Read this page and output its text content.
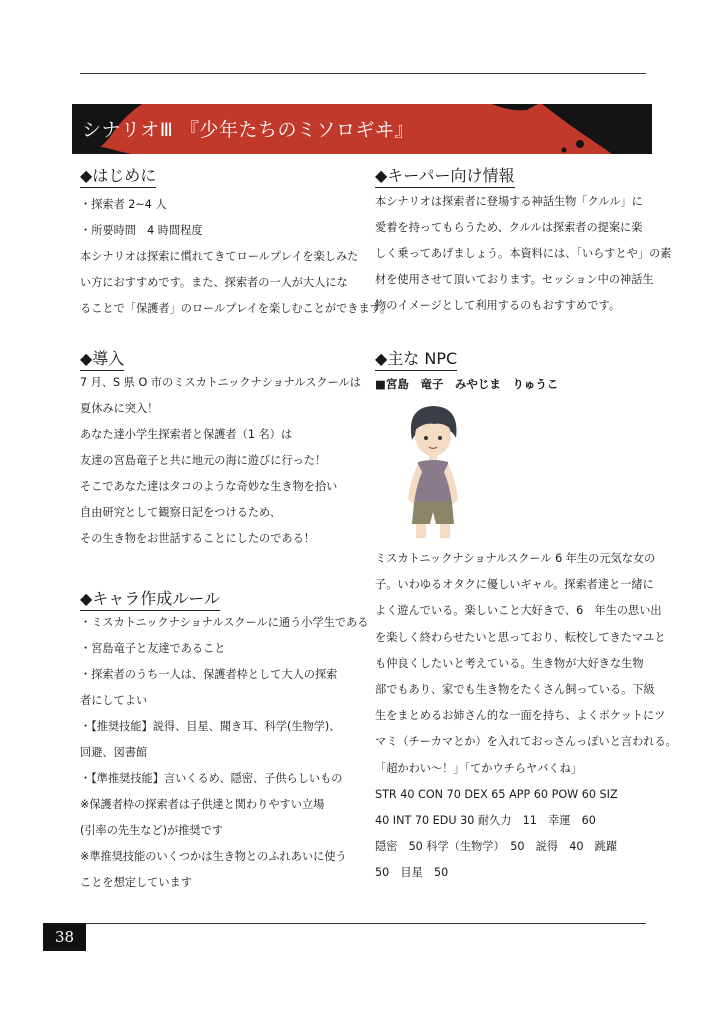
シナリオⅢ 『少年たちのミソロギヰ』
◆はじめに
・探索者 2~4 人
・所要時間　4 時間程度
本シナリオは探索に慣れてきてロールプレイを楽しみた
い方におすすめです。また、探索者の一人が大人にな
ることで「保護者」のロールプレイを楽しむことができます。
◆導入
7 月、S 県 O 市のミスカトニックナショナルスクールは
夏休みに突入！
あなた達小学生探索者と保護者（1 名）は
友達の宮島竜子と共に地元の海に遊びに行った！
そこであなた達はタコのような奇妙な生き物を拾い
自由研究として観察日記をつけるため、
その生き物をお世話することにしたのである！
◆キャラ作成ルール
・ミスカトニックナショナルスクールに通う小学生である
・宮島竜子と友達であること
・探索者のうち一人は、保護者枠として大人の探索
者にしてよい
・【推奨技能】説得、目星、聞き耳、科学(生物学)、
回避、図書館
・【準推奨技能】言いくるめ、隠密、子供らしいもの
※保護者枠の探索者は子供達と関わりやすい立場
(引率の先生など)が推奨です
※準推奨技能のいくつかは生き物とのふれあいに使う
ことを想定しています
◆キーパー向け情報
本シナリオは探索者に登場する神話生物「クルル」に
愛着を持ってもらうため、クルルは探索者の提案に楽
しく乗ってあげましょう。本資料には、「いらすとや」の素
材を使用させて頂いております。セッション中の神話生
物のイメージとして利用するのもおすすめです。
◆主な NPC
■宮島　竜子　みやじま　りゅうこ
ミスカトニックナショナルスクール 6 年生の元気な女の
子。いわゆるオタクに優しいギャル。探索者達と一緒に
よく遊んでいる。楽しいこと大好きで、6　年生の思い出
を楽しく終わらせたいと思っており、転校してきたマユと
も仲良くしたいと考えている。生き物が大好きな生物
部でもあり、家でも生き物をたくさん飼っている。下級
生をまとめるお姉さん的な一面を持ち、よくポケットにツ
マミ（チーカマとか）を入れておっさんっぽいと言われる。
「超かわい〜！」「てかウチらヤバくね」
STR 40 CON 70 DEX 65 APP 60 POW 60 SIZ
40 INT 70 EDU 30 耐久力　11　幸運　60
隠密　50 科学（生物学）　50　説得　40　跳躍
50　目星　50
38
